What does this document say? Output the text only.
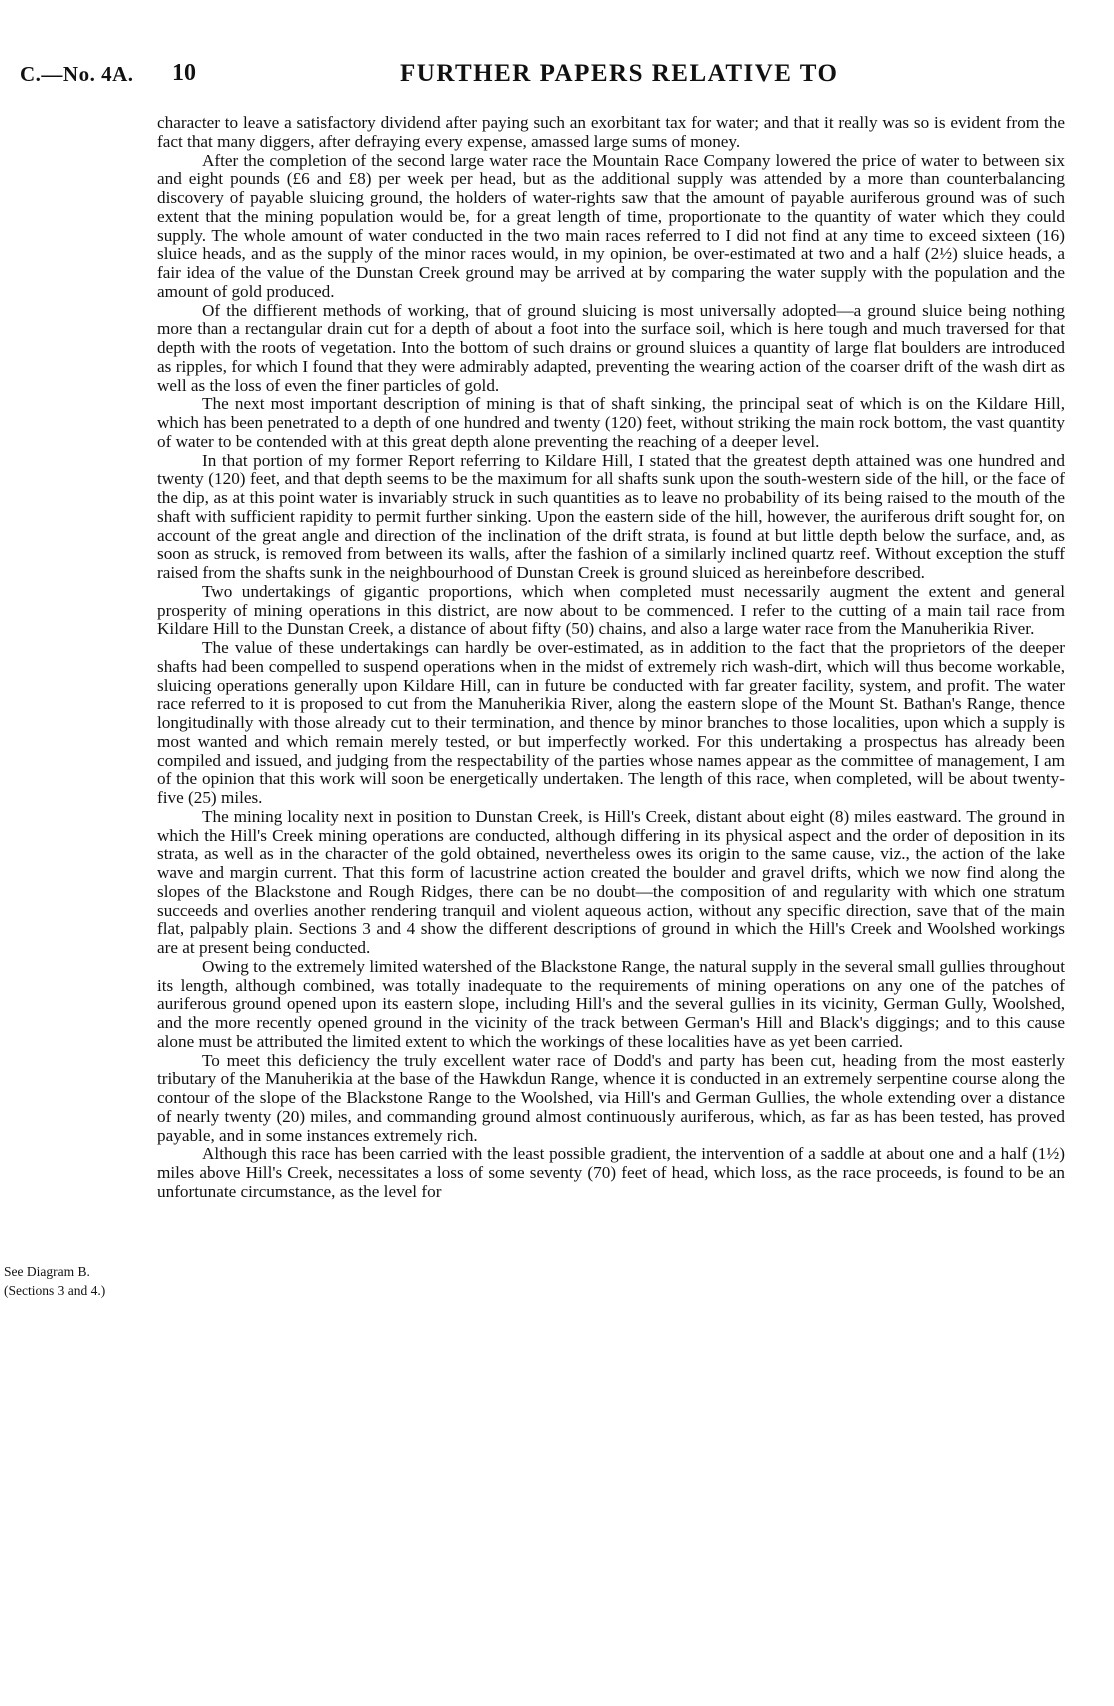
C.—No. 4A. 10	FURTHER PAPERS RELATIVE TO
See Diagram B.
(Sections 3 and 4.)

character to leave a satisfactory dividend after paying such an exorbitant tax for water; and that it really was so is evident from the fact that many diggers, after defraying every expense, amassed large sums of money.

After the completion of the second large water race the Mountain Race Company lowered the price of water to between six and eight pounds (£6 and £8) per week per head, but as the additional supply was attended by a more than counterbalancing discovery of payable sluicing ground, the holders of water-rights saw that the amount of payable auriferous ground was of such extent that the mining population would be, for a great length of time, proportionate to the quantity of water which they could supply. The whole amount of water conducted in the two main races referred to I did not find at any time to exceed sixteen (16) sluice heads, and as the supply of the minor races would, in my opinion, be over-estimated at two and a half (2½) sluice heads, a fair idea of the value of the Dunstan Creek ground may be arrived at by comparing the water supply with the population and the amount of gold produced.

Of the diffierent methods of working, that of ground sluicing is most universally adopted—a ground sluice being nothing more than a rectangular drain cut for a depth of about a foot into the surface soil, which is here tough and much traversed for that depth with the roots of vegetation. Into the bottom of such drains or ground sluices a quantity of large flat boulders are introduced as ripples, for which I found that they were admirably adapted, preventing the wearing action of the coarser drift of the wash dirt as well as the loss of even the finer particles of gold.

The next most important description of mining is that of shaft sinking, the principal seat of which is on the Kildare Hill, which has been penetrated to a depth of one hundred and twenty (120) feet, without striking the main rock bottom, the vast quantity of water to be contended with at this great depth alone preventing the reaching of a deeper level.

In that portion of my former Report referring to Kildare Hill, I stated that the greatest depth attained was one hundred and twenty (120) feet, and that depth seems to be the maximum for all shafts sunk upon the south-western side of the hill, or the face of the dip, as at this point water is invariably struck in such quantities as to leave no probability of its being raised to the mouth of the shaft with sufficient rapidity to permit further sinking. Upon the eastern side of the hill, however, the auriferous drift sought for, on account of the great angle and direction of the inclination of the drift strata, is found at but little depth below the surface, and, as soon as struck, is removed from between its walls, after the fashion of a similarly inclined quartz reef. Without exception the stuff raised from the shafts sunk in the neighbourhood of Dunstan Creek is ground sluiced as hereinbefore described.

Two undertakings of gigantic proportions, which when completed must necessarily augment the extent and general prosperity of mining operations in this district, are now about to be commenced. I refer to the cutting of a main tail race from Kildare Hill to the Dunstan Creek, a distance of about fifty (50) chains, and also a large water race from the Manuherikia River.

The value of these undertakings can hardly be over-estimated, as in addition to the fact that the proprietors of the deeper shafts had been compelled to suspend operations when in the midst of extremely rich wash-dirt, which will thus become workable, sluicing operations generally upon Kildare Hill, can in future be conducted with far greater facility, system, and profit. The water race referred to it is proposed to cut from the Manuherikia River, along the eastern slope of the Mount St. Bathan's Range, thence longitudinally with those already cut to their termination, and thence by minor branches to those localities, upon which a supply is most wanted and which remain merely tested, or but imperfectly worked. For this undertaking a prospectus has already been compiled and issued, and judging from the respectability of the parties whose names appear as the committee of management, I am of the opinion that this work will soon be energetically undertaken. The length of this race, when completed, will be about twenty-five (25) miles.

The mining locality next in position to Dunstan Creek, is Hill's Creek, distant about eight (8) miles eastward. The ground in which the Hill's Creek mining operations are conducted, although differing in its physical aspect and the order of deposition in its strata, as well as in the character of the gold obtained, nevertheless owes its origin to the same cause, viz., the action of the lake wave and margin current. That this form of lacustrine action created the boulder and gravel drifts, which we now find along the slopes of the Blackstone and Rough Ridges, there can be no doubt—the composition of and regularity with which one stratum succeeds and overlies another rendering tranquil and violent aqueous action, without any specific direction, save that of the main flat, palpably plain. Sections 3 and 4 show the different descriptions of ground in which the Hill's Creek and Woolshed workings are at present being conducted.

Owing to the extremely limited watershed of the Blackstone Range, the natural supply in the several small gullies throughout its length, although combined, was totally inadequate to the requirements of mining operations on any one of the patches of auriferous ground opened upon its eastern slope, including Hill's and the several gullies in its vicinity, German Gully, Woolshed, and the more recently opened ground in the vicinity of the track between German's Hill and Black's diggings; and to this cause alone must be attributed the limited extent to which the workings of these localities have as yet been carried.

To meet this deficiency the truly excellent water race of Dodd's and party has been cut, heading from the most easterly tributary of the Manuherikia at the base of the Hawkdun Range, whence it is conducted in an extremely serpentine course along the contour of the slope of the Blackstone Range to the Woolshed, via Hill's and German Gullies, the whole extending over a distance of nearly twenty (20) miles, and commanding ground almost continuously auriferous, which, as far as has been tested, has proved payable, and in some instances extremely rich.

Although this race has been carried with the least possible gradient, the intervention of a saddle at about one and a half (1½) miles above Hill's Creek, necessitates a loss of some seventy (70) feet of head, which loss, as the race proceeds, is found to be an unfortunate circumstance, as the level for
